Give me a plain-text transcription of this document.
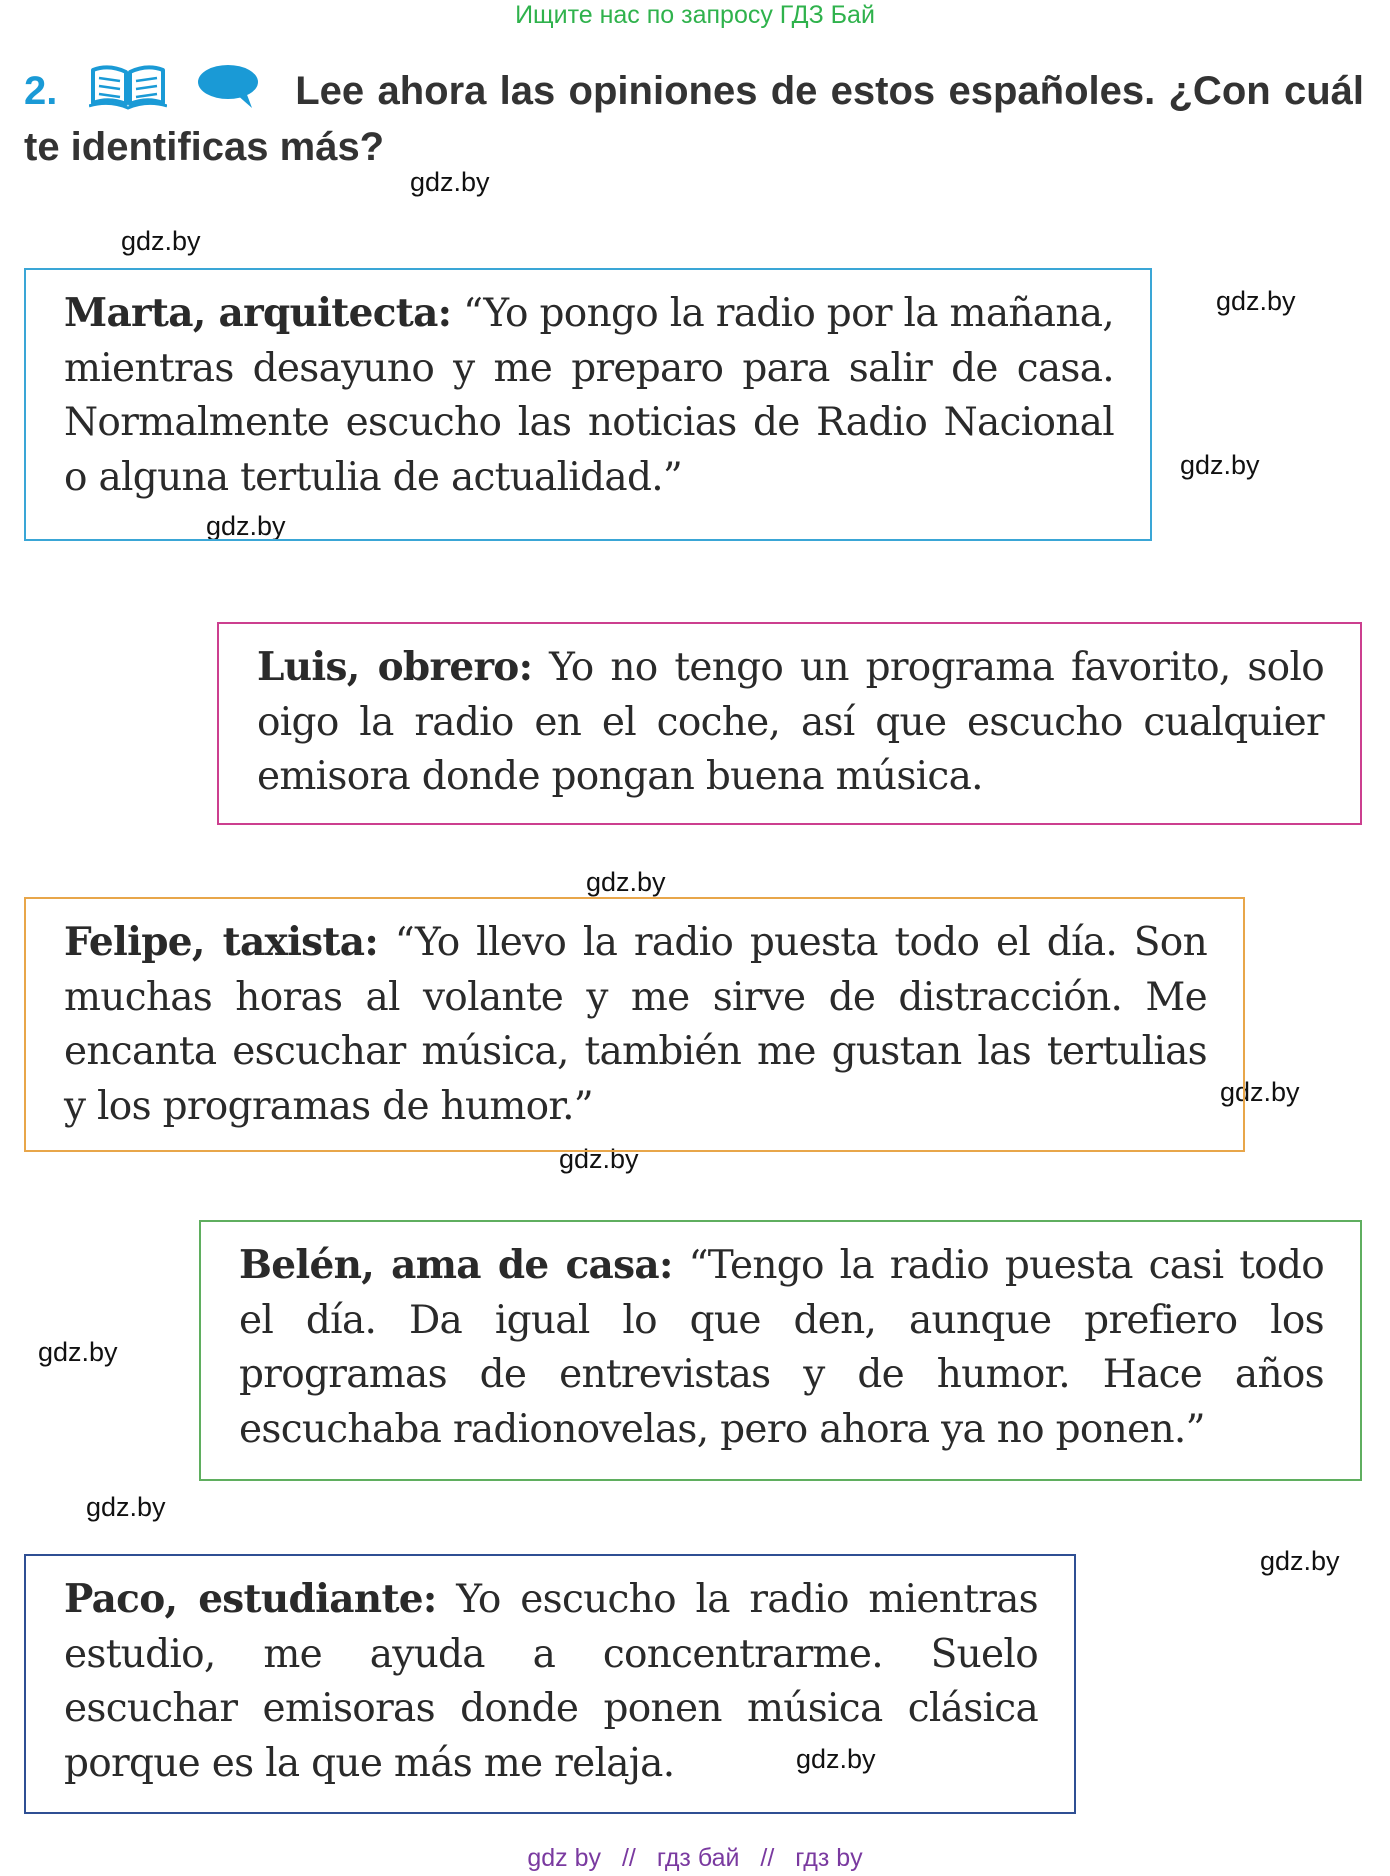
Ищите нас по запросу ГДЗ Бай
2.	Lee ahora las opiniones de estos españoles. ¿Con cuál te identificas más?
gdz.by
gdz.by
gdz.by
gdz.by
gdz.by
gdz.by
gdz.by
gdz.by
gdz.by
gdz.by
gdz.by

Marta, arquitecta: “Yo pongo la radio por la mañana, mientras desayuno y me preparo para salir de casa. Normalmente escucho las noticias de Radio Nacional o alguna tertulia de actualidad.”

Luis, obrero: Yo no tengo un programa favorito, solo oigo la radio en el coche, así que escucho cualquier emisora donde pongan buena música.

Felipe, taxista: “Yo llevo la radio puesta todo el día. Son muchas horas al volante y me sirve de distracción. Me encanta escuchar música, también me gustan las tertulias y los programas de humor.”

Belén, ama de casa: “Tengo la radio puesta casi todo el día. Da igual lo que den, aunque prefiero los programas de entrevistas y de humor. Hace años escuchaba radionovelas, pero ahora ya no ponen.”

Paco, estudiante: Yo escucho la radio mientras estudio, me ayuda a concentrarme. Suelo escuchar emisoras donde ponen música clásica porque es la que más me relaja.	gdz.by
gdz by // гдз бай // гдз by
